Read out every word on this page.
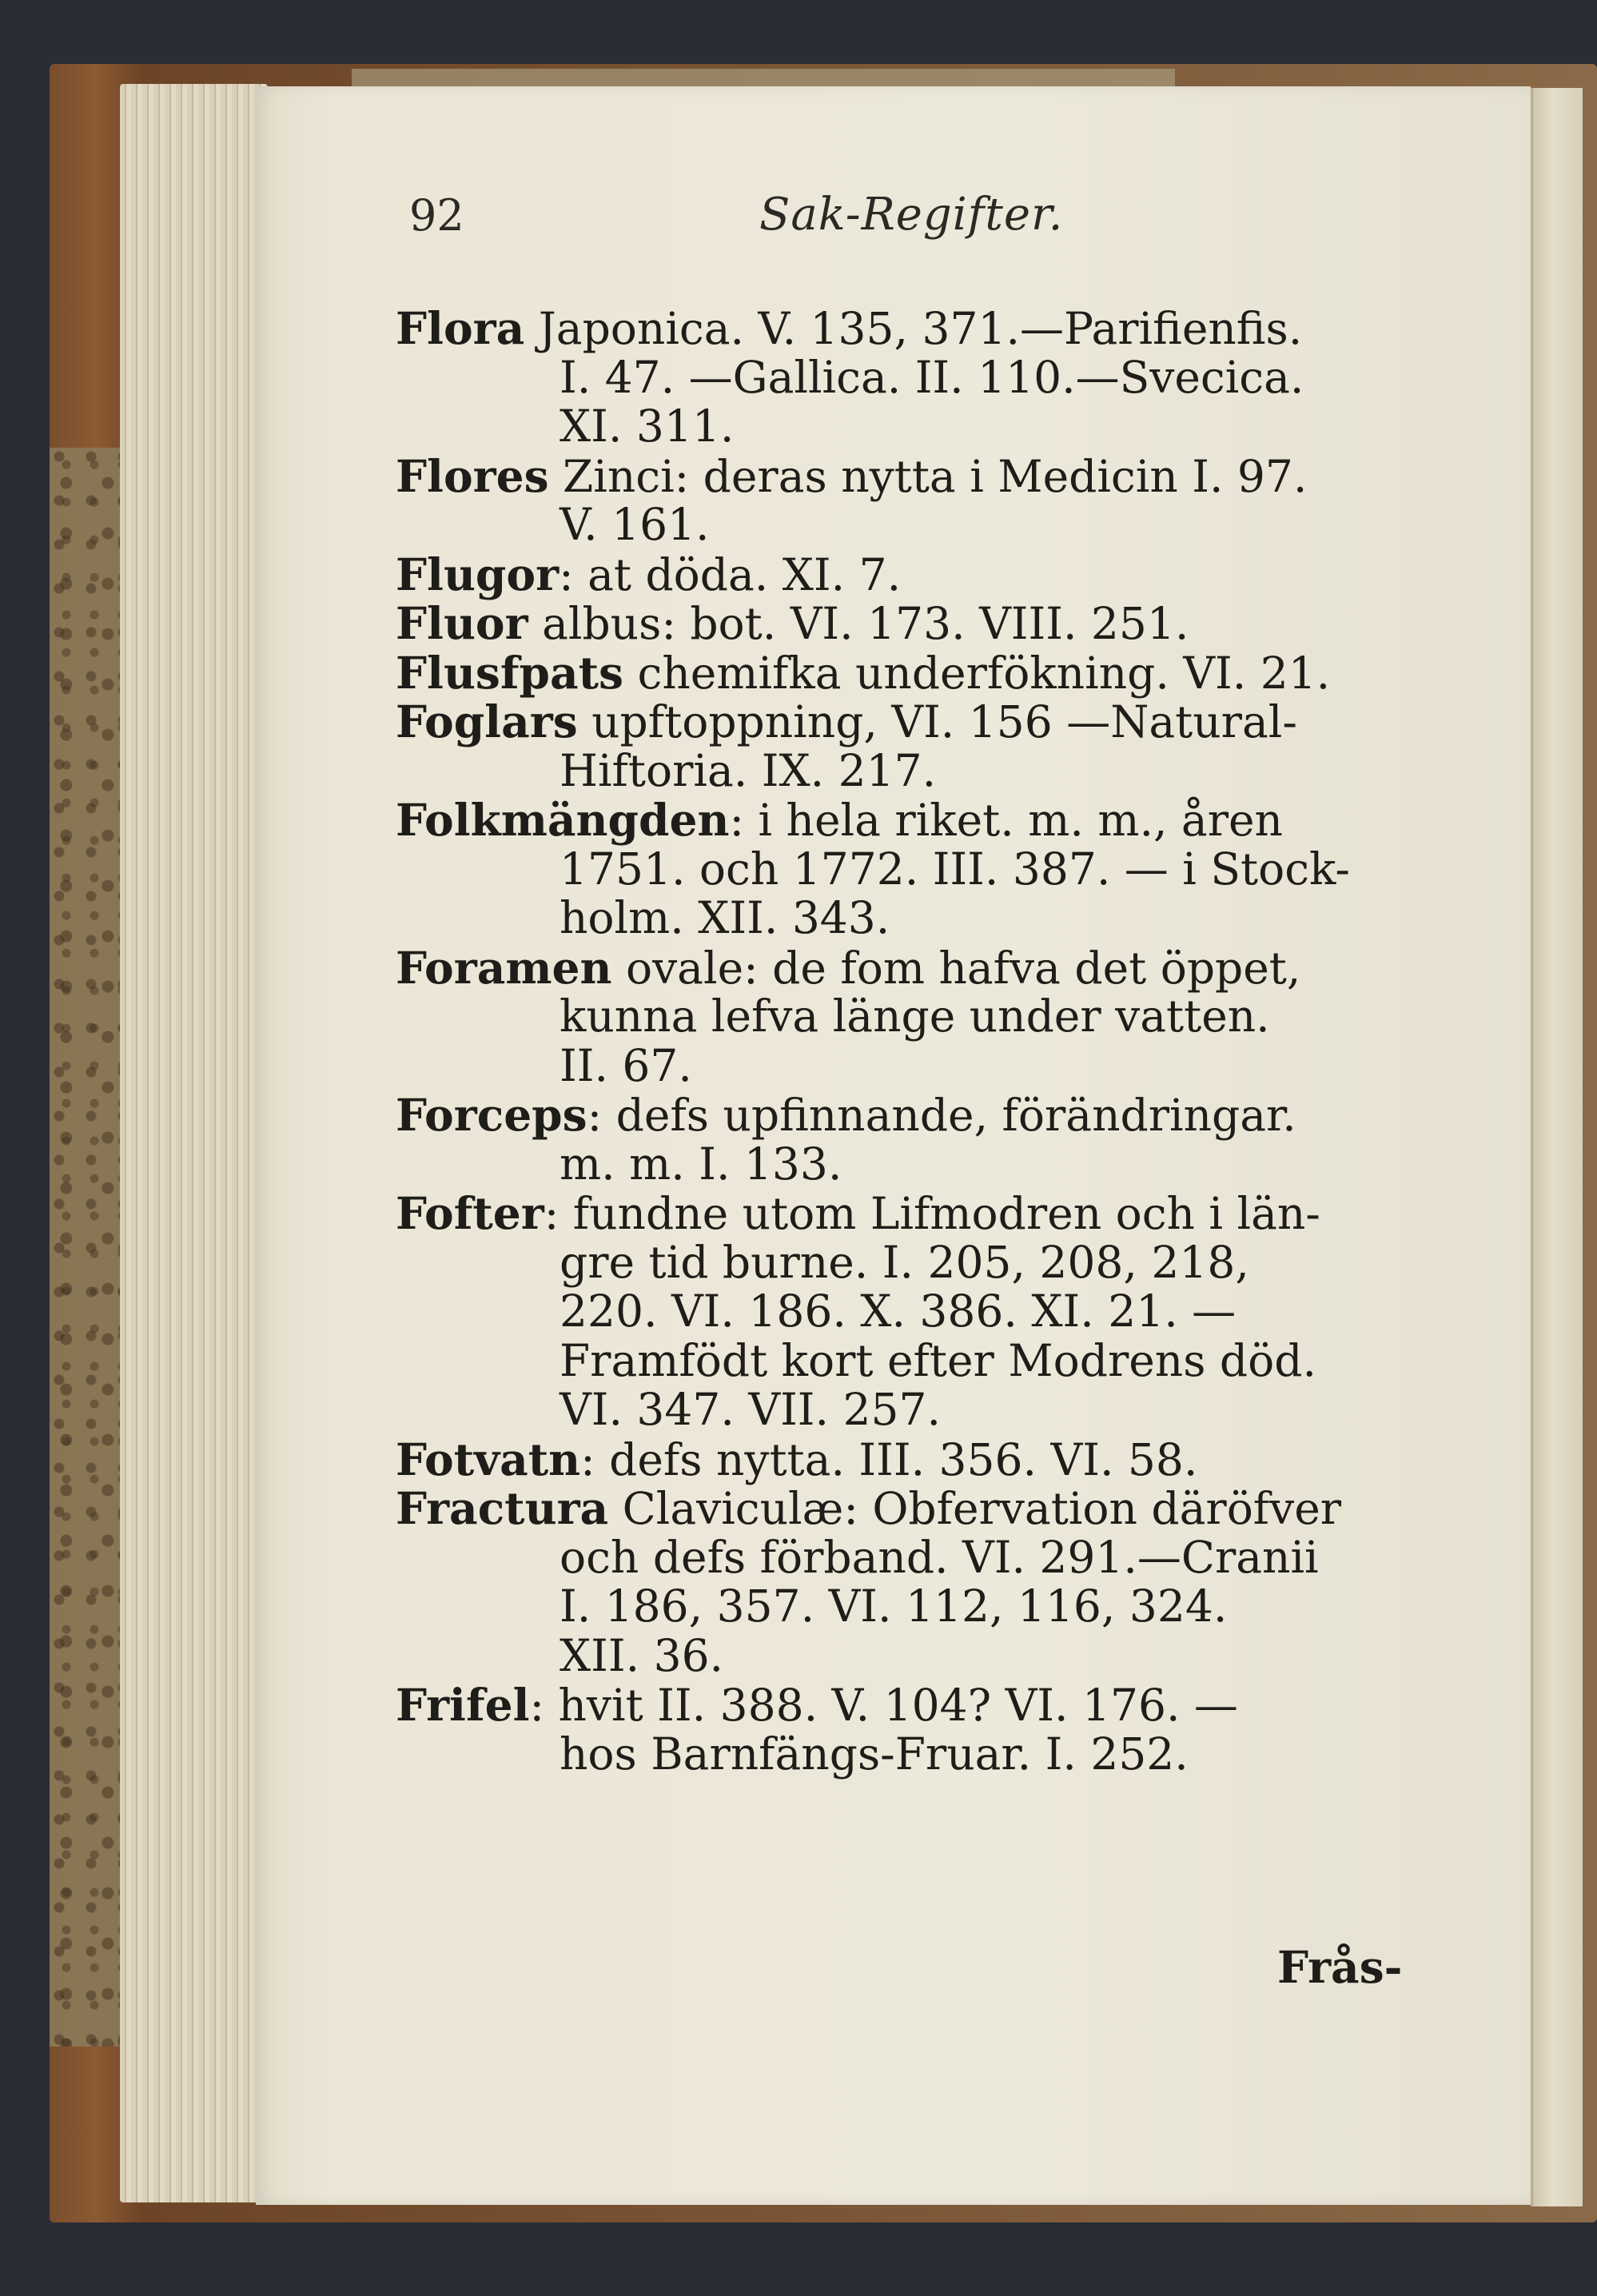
92	Sak-Regifter.
Flora Japonica. V. 135, 371.—Parifienfis.
I. 47. —Gallica. II. 110.—Svecica.
XI. 311.
Flores Zinci: deras nytta i Medicin I. 97.
V. 161.
Flugor: at döda. XI. 7.
Fluor albus: bot. VI. 173. VIII. 251.
Flusfpats chemifka underfökning. VI. 21.
Foglars upftoppning, VI. 156 —Natural-
Hiftoria. IX. 217.
Folkmängden: i hela riket. m. m., åren
1751. och 1772. III. 387. — i Stock-
holm. XII. 343.
Foramen ovale: de fom hafva det öppet,
kunna lefva länge under vatten.
II. 67.
Forceps: defs upfinnande, förändringar.
m. m. I. 133.
Fofter: fundne utom Lifmodren och i län-
gre tid burne. I. 205, 208, 218,
220. VI. 186. X. 386. XI. 21. —
Framfödt kort efter Modrens död.
VI. 347. VII. 257.
Fotvatn: defs nytta. III. 356. VI. 58.
Fractura Claviculæ: Obfervation däröfver
och defs förband. VI. 291.—Cranii
I. 186, 357. VI. 112, 116, 324.
XII. 36.
Frifel: hvit II. 388. V. 104? VI. 176. —
hos Barnfängs-Fruar. I. 252.
Frås-
